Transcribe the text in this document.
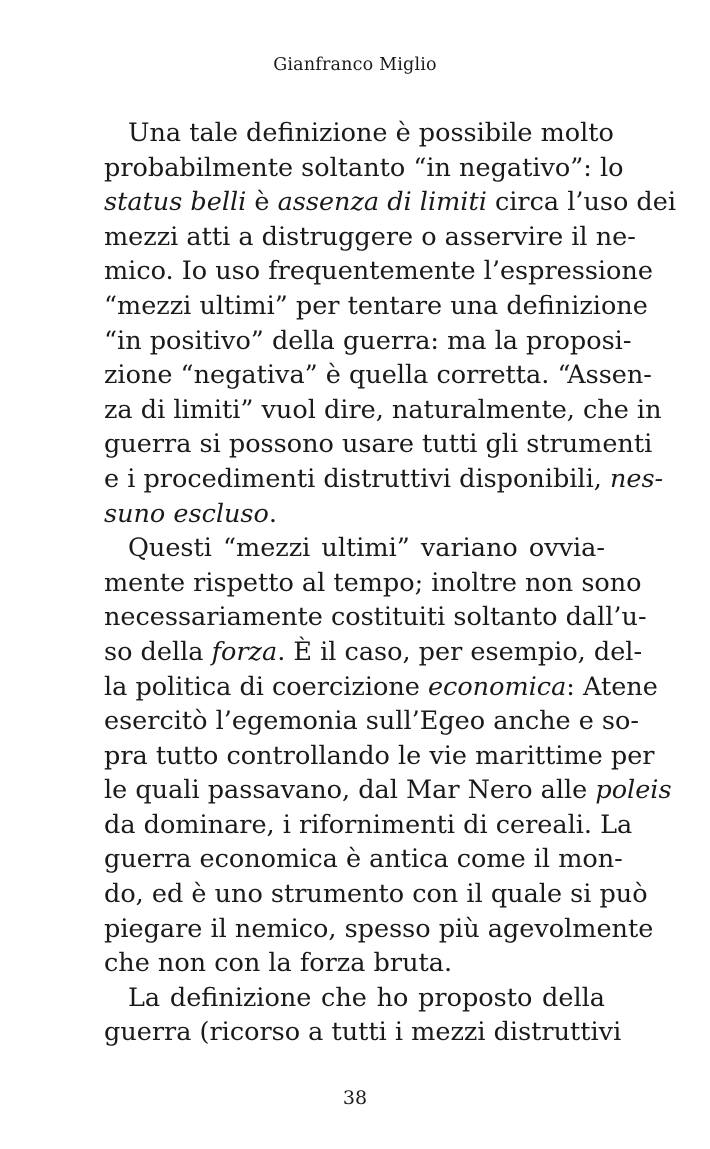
Gianfranco Miglio
Una tale definizione è possibile molto
probabilmente soltanto “in negativo”: lo
status belli è assenza di limiti circa l’uso dei
mezzi atti a distruggere o asservire il ne-
mico. Io uso frequentemente l’espressione
“mezzi ultimi” per tentare una definizione
“in positivo” della guerra: ma la proposi-
zione “negativa” è quella corretta. “Assen-
za di limiti” vuol dire, naturalmente, che in
guerra si possono usare tutti gli strumenti
e i procedimenti distruttivi disponibili, nes-
suno escluso.
Questi “mezzi ultimi” variano ovvia-
mente rispetto al tempo; inoltre non sono
necessariamente costituiti soltanto dall’u-
so della forza. È il caso, per esempio, del-
la politica di coercizione economica: Atene
esercitò l’egemonia sull’Egeo anche e so-
pra tutto controllando le vie marittime per
le quali passavano, dal Mar Nero alle poleis
da dominare, i rifornimenti di cereali. La
guerra economica è antica come il mon-
do, ed è uno strumento con il quale si può
piegare il nemico, spesso più agevolmente
che non con la forza bruta.
La definizione che ho proposto della
guerra (ricorso a tutti i mezzi distruttivi
38
